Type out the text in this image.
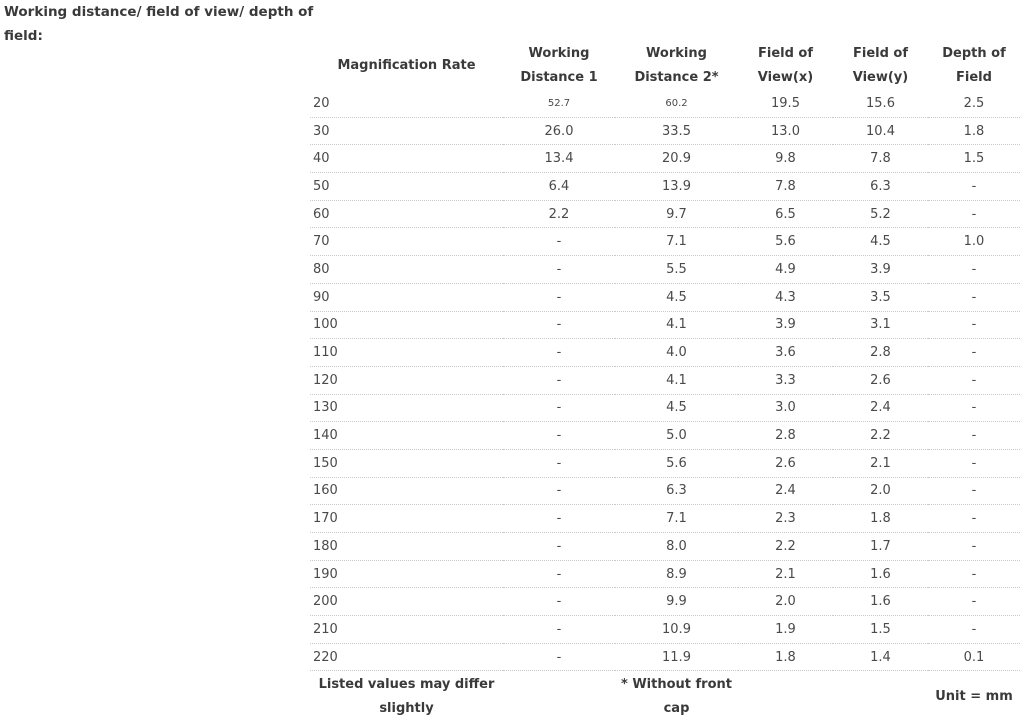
Working distance/ field of view/ depth of field:
Magnification Rate	Working Distance 1	Working Distance 2*	Field of View(x)	Field of View(y)	Depth of Field
20	52.7	60.2	19.5	15.6	2.5
30	26.0	33.5	13.0	10.4	1.8
40	13.4	20.9	9.8	7.8	1.5
50	6.4	13.9	7.8	6.3	-
60	2.2	9.7	6.5	5.2	-
70	-	7.1	5.6	4.5	1.0
80	-	5.5	4.9	3.9	-
90	-	4.5	4.3	3.5	-
100	-	4.1	3.9	3.1	-
110	-	4.0	3.6	2.8	-
120	-	4.1	3.3	2.6	-
130	-	4.5	3.0	2.4	-
140	-	5.0	2.8	2.2	-
150	-	5.6	2.6	2.1	-
160	-	6.3	2.4	2.0	-
170	-	7.1	2.3	1.8	-
180	-	8.0	2.2	1.7	-
190	-	8.9	2.1	1.6	-
200	-	9.9	2.0	1.6	-
210	-	10.9	1.9	1.5	-
220	-	11.9	1.8	1.4	0.1
Listed values may differ slightly		* Without front cap			Unit = mm
